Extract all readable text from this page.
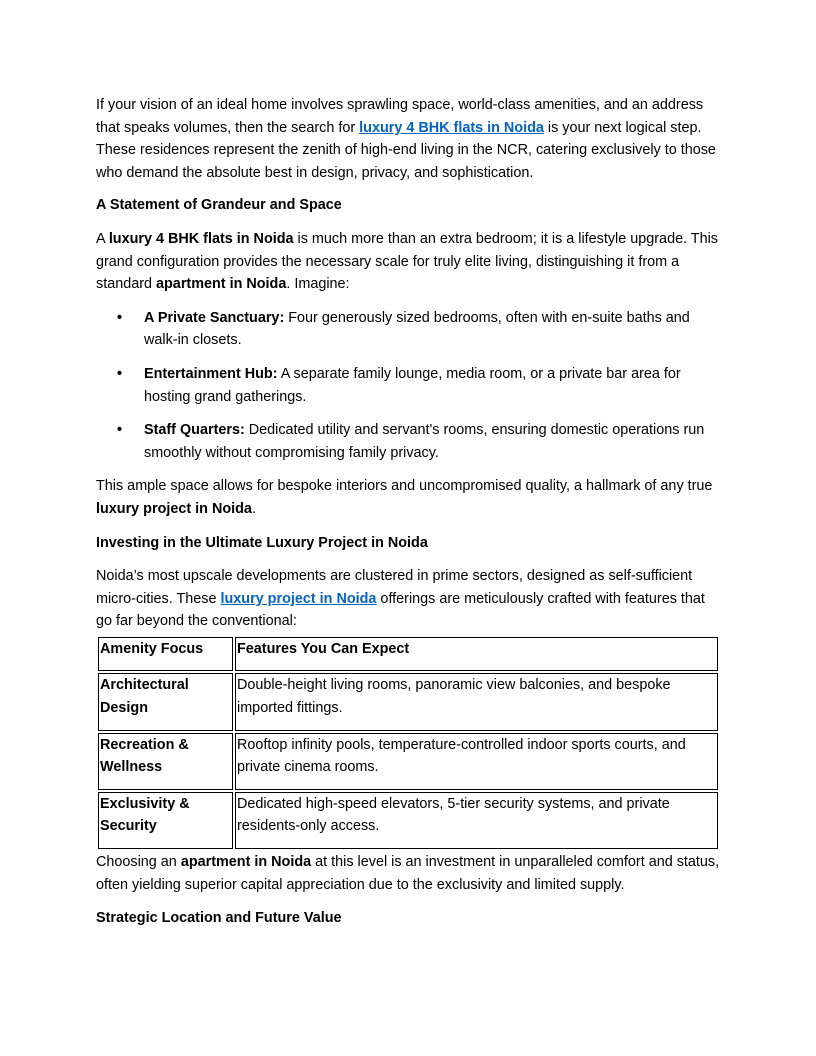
If your vision of an ideal home involves sprawling space, world-class amenities, and an address that speaks volumes, then the search for luxury 4 BHK flats in Noida is your next logical step. These residences represent the zenith of high-end living in the NCR, catering exclusively to those who demand the absolute best in design, privacy, and sophistication.

A Statement of Grandeur and Space

A luxury 4 BHK flats in Noida is much more than an extra bedroom; it is a lifestyle upgrade. This grand configuration provides the necessary scale for truly elite living, distinguishing it from a standard apartment in Noida. Imagine:

• A Private Sanctuary: Four generously sized bedrooms, often with en-suite baths and walk-in closets.
• Entertainment Hub: A separate family lounge, media room, or a private bar area for hosting grand gatherings.
• Staff Quarters: Dedicated utility and servant's rooms, ensuring domestic operations run smoothly without compromising family privacy.

This ample space allows for bespoke interiors and uncompromised quality, a hallmark of any true luxury project in Noida.

Investing in the Ultimate Luxury Project in Noida

Noida’s most upscale developments are clustered in prime sectors, designed as self-sufficient micro-cities. These luxury project in Noida offerings are meticulously crafted with features that go far beyond the conventional:

Amenity Focus	Features You Can Expect
Architectural Design	Double-height living rooms, panoramic view balconies, and bespoke imported fittings.
Recreation & Wellness	Rooftop infinity pools, temperature-controlled indoor sports courts, and private cinema rooms.
Exclusivity & Security	Dedicated high-speed elevators, 5-tier security systems, and private residents-only access.

Choosing an apartment in Noida at this level is an investment in unparalleled comfort and status, often yielding superior capital appreciation due to the exclusivity and limited supply.

Strategic Location and Future Value
